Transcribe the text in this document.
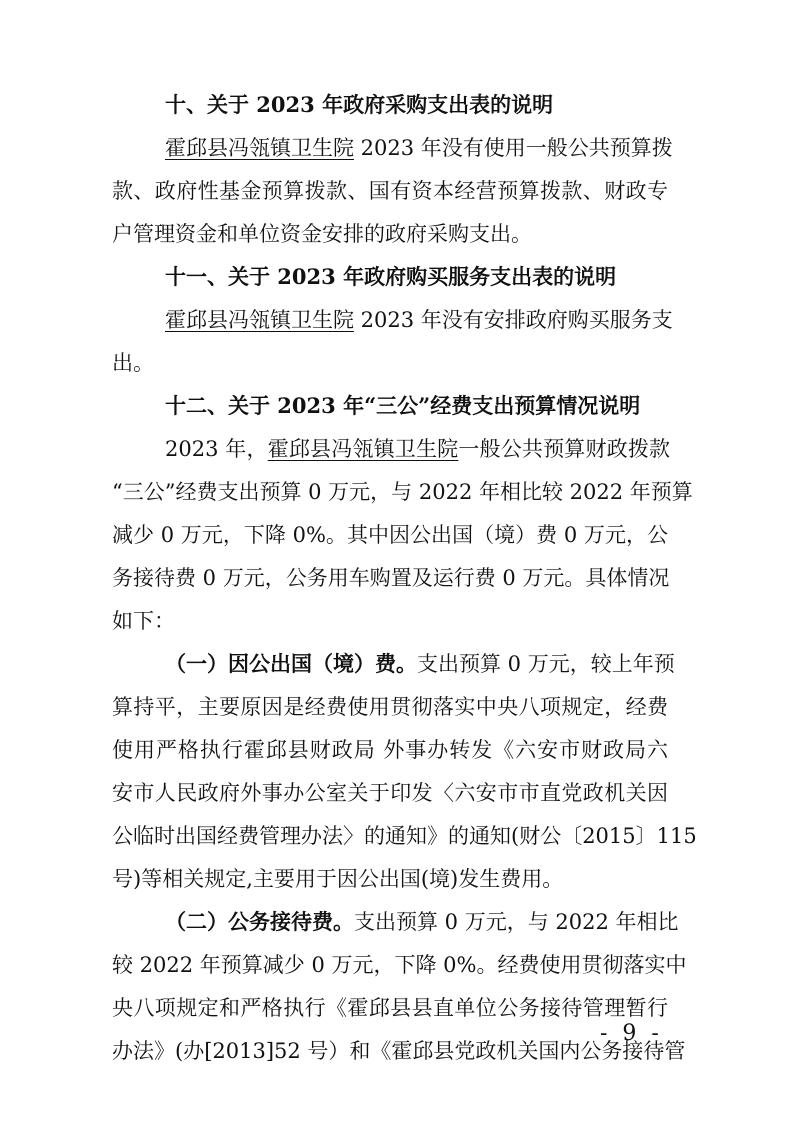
十、关于 2023 年政府采购支出表的说明
霍邱县冯瓴镇卫生院 2023 年没有使用一般公共预算拨
款、政府性基金预算拨款、国有资本经营预算拨款、财政专
户管理资金和单位资金安排的政府采购支出。
十一、关于 2023 年政府购买服务支出表的说明
霍邱县冯瓴镇卫生院 2023 年没有安排政府购买服务支
出。
十二、关于 2023 年“三公”经费支出预算情况说明
2023 年，霍邱县冯瓴镇卫生院一般公共预算财政拨款
“三公”经费支出预算 0 万元，与 2022 年相比较 2022 年预算
减少 0 万元，下降 0%。其中因公出国（境）费 0 万元，公
务接待费 0 万元，公务用车购置及运行费 0 万元。具体情况
如下：
（一）因公出国（境）费。支出预算 0 万元，较上年预
算持平，主要原因是经费使用贯彻落实中央八项规定，经费
使用严格执行霍邱县财政局 外事办转发《六安市财政局六
安市人民政府外事办公室关于印发〈六安市市直党政机关因
公临时出国经费管理办法〉的通知》的通知(财公〔2015〕115
号)等相关规定,主要用于因公出国(境)发生费用。
（二）公务接待费。支出预算 0 万元，与 2022 年相比
较 2022 年预算减少 0 万元，下降 0%。经费使用贯彻落实中
央八项规定和严格执行《霍邱县县直单位公务接待管理暂行
办法》(办[2013]52 号）和《霍邱县党政机关国内公务接待管
- 9 -
